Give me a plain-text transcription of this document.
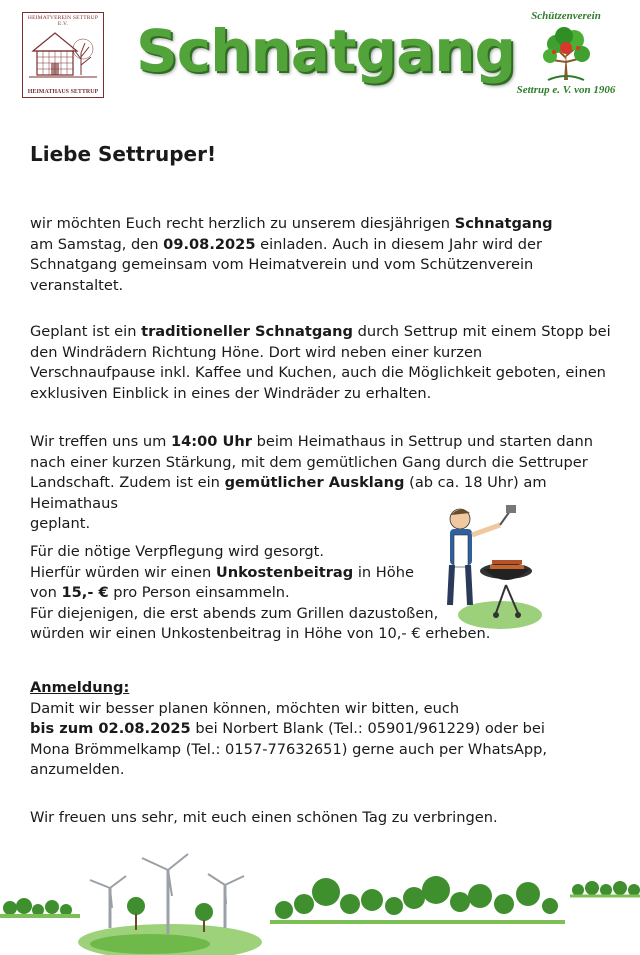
HEIMATVEREIN SETTRUP E.V.
HEIMATHAUS SETTRUP
Schnatgang
Schützenverein
Settrup e. V. von 1906
Liebe Settruper!

wir möchten Euch recht herzlich zu unserem diesjährigen Schnatgang

am Samstag, den 09.08.2025 einladen. Auch in diesem Jahr wird der

Schnatgang gemeinsam vom Heimatverein und vom Schützenverein

veranstaltet.

Geplant ist ein traditioneller Schnatgang durch Settrup mit einem Stopp bei

den Windrädern Richtung Höne. Dort wird neben einer kurzen

Verschnaufpause inkl. Kaffee und Kuchen, auch die Möglichkeit geboten, einen

exklusiven Einblick in eines der Windräder zu erhalten.

Wir treffen uns um 14:00 Uhr beim Heimathaus in Settrup und starten dann

nach einer kurzen Stärkung, mit dem gemütlichen Gang durch die Settruper

Landschaft. Zudem ist ein gemütlicher Ausklang (ab ca. 18 Uhr) am Heimathaus

geplant.

Für die nötige Verpflegung wird gesorgt.

Hierfür würden wir einen Unkostenbeitrag in Höhe

von 15,- € pro Person einsammeln.

Für diejenigen, die erst abends zum Grillen dazustoßen,

würden wir einen Unkostenbeitrag in Höhe von 10,- € erheben.

Anmeldung:

Damit wir besser planen können, möchten wir bitten, euch

bis zum 02.08.2025 bei Norbert Blank (Tel.: 05901/961229) oder bei

Mona Brömmelkamp (Tel.: 0157-77632651) gerne auch per WhatsApp,

anzumelden.

Wir freuen uns sehr, mit euch einen schönen Tag zu verbringen.
